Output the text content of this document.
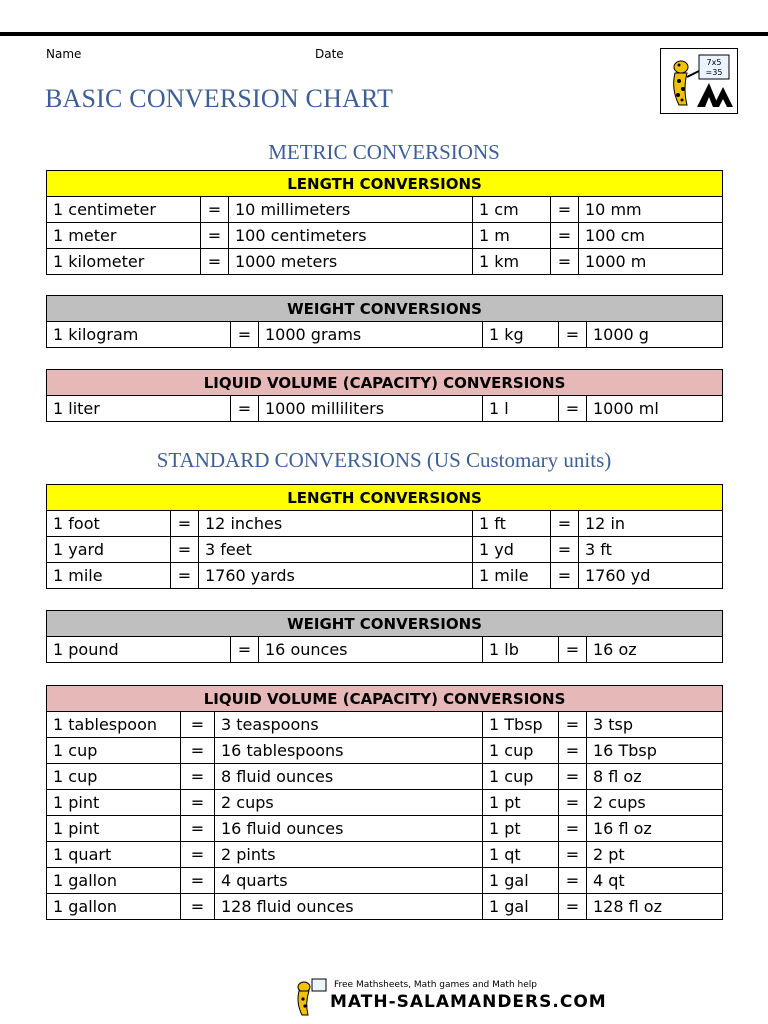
Name	Date
7x5
=35
BASIC CONVERSION CHART
METRIC CONVERSIONS
LENGTH CONVERSIONS					
1 centimeter	=	10 millimeters	1 cm	=	10 mm
1 meter	=	100 centimeters	1 m	=	100 cm
1 kilometer	=	1000 meters	1 km	=	1000 m
WEIGHT CONVERSIONS
1 kilogram	=	1000 grams	1 kg	=	1000 g
LIQUID VOLUME (CAPACITY) CONVERSIONS
1 liter	=	1000 milliliters	1 l	=	1000 ml
STANDARD CONVERSIONS (US Customary units)
LENGTH CONVERSIONS					
1 foot	=	12 inches	1 ft	=	12 in
1 yard	=	3 feet	1 yd	=	3 ft
1 mile	=	1760 yards	1 mile	=	1760 yd
WEIGHT CONVERSIONS
1 pound	=	16 ounces	1 lb	=	16 oz
LIQUID VOLUME (CAPACITY) CONVERSIONS					
1 tablespoon	=	3 teaspoons	1 Tbsp	=	3 tsp
1 cup	=	16 tablespoons	1 cup	=	16 Tbsp
1 cup	=	8 fluid ounces	1 cup	=	8 fl oz
1 pint	=	2 cups	1 pt	=	2 cups
1 pint	=	16 fluid ounces	1 pt	=	16 fl oz
1 quart	=	2 pints	1 qt	=	2 pt
1 gallon	=	4 quarts	1 gal	=	4 qt
1 gallon	=	128 fluid ounces	1 gal	=	128 fl oz
Free Mathsheets, Math games and Math help
MATH-SALAMANDERS.COM
